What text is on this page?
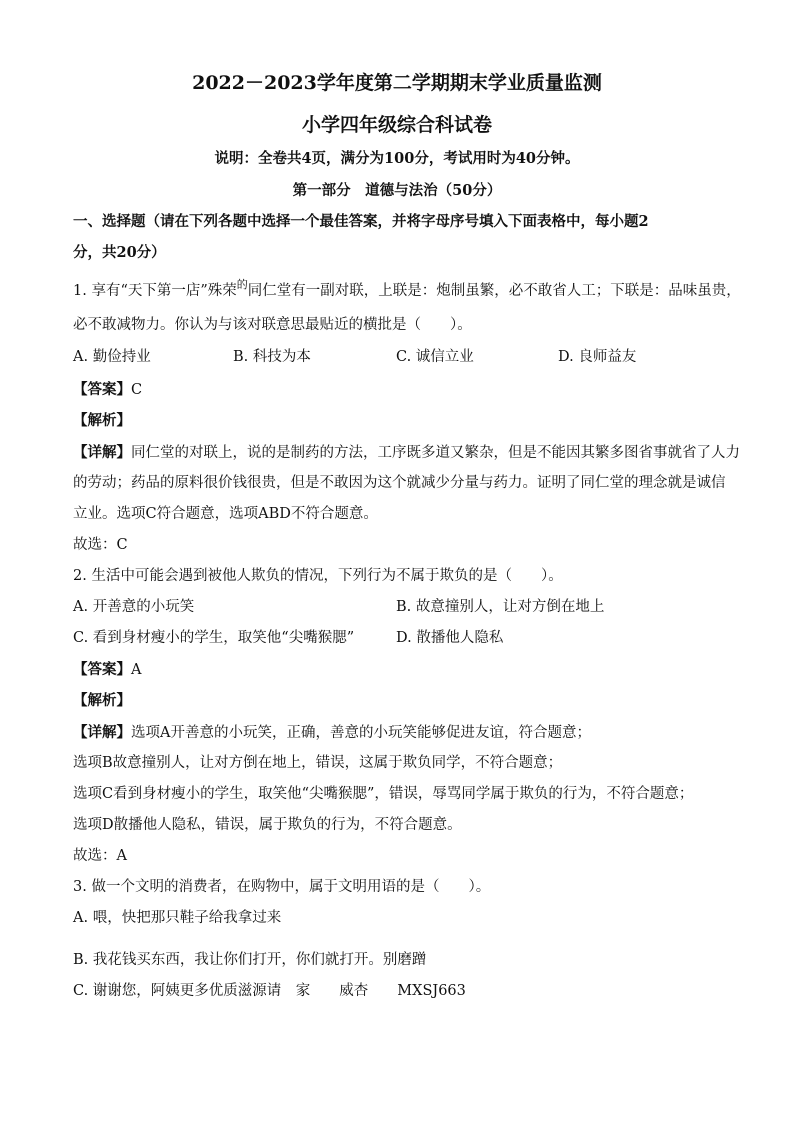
2022－2023学年度第二学期期末学业质量监测
小学四年级综合科试卷
说明：全卷共4页，满分为100分，考试用时为40分钟。
第一部分　道德与法治（50分）
一、选择题（请在下列各题中选择一个最佳答案，并将字母序号填入下面表格中，每小题2
分，共20分）
1. 享有“天下第一店”殊荣$^的$同仁堂有一副对联，上联是：炮制虽繁，必不敢省人工；下联是：品味虽贵，
必不敢减物力。你认为与该对联意思最贴近的横批是（　　）。
A. 勤俭持业	B. 科技为本	C. 诚信立业	D. 良师益友
【答案】C
【解析】
【详解】同仁堂的对联上，说的是制药的方法，工序既多道又繁杂，但是不能因其繁多图省事就省了人力
的劳动；药品的原料很价钱很贵，但是不敢因为这个就减少分量与药力。证明了同仁堂的理念就是诚信
立业。选项C符合题意，选项ABD不符合题意。
故选：C
2. 生活中可能会遇到被他人欺负的情况，下列行为不属于欺负的是（　　）。
A. 开善意的小玩笑	B. 故意撞别人，让对方倒在地上
C. 看到身材瘦小的学生，取笑他“尖嘴猴腮”	D. 散播他人隐私
【答案】A
【解析】
【详解】选项A开善意的小玩笑，正确，善意的小玩笑能够促进友谊，符合题意；
选项B故意撞别人，让对方倒在地上，错误，这属于欺负同学，不符合题意；
选项C看到身材瘦小的学生，取笑他“尖嘴猴腮”，错误，辱骂同学属于欺负的行为，不符合题意；
选项D散播他人隐私，错误，属于欺负的行为，不符合题意。
故选：A
3. 做一个文明的消费者，在购物中，属于文明用语的是（　　）。
A. 喂，快把那只鞋子给我拿过来
B. 我花钱买东西，我让你们打开，你们就打开。别磨蹭
C. 谢谢您，阿姨更多优质滋源请　家　　威杏　　MXSJ663
